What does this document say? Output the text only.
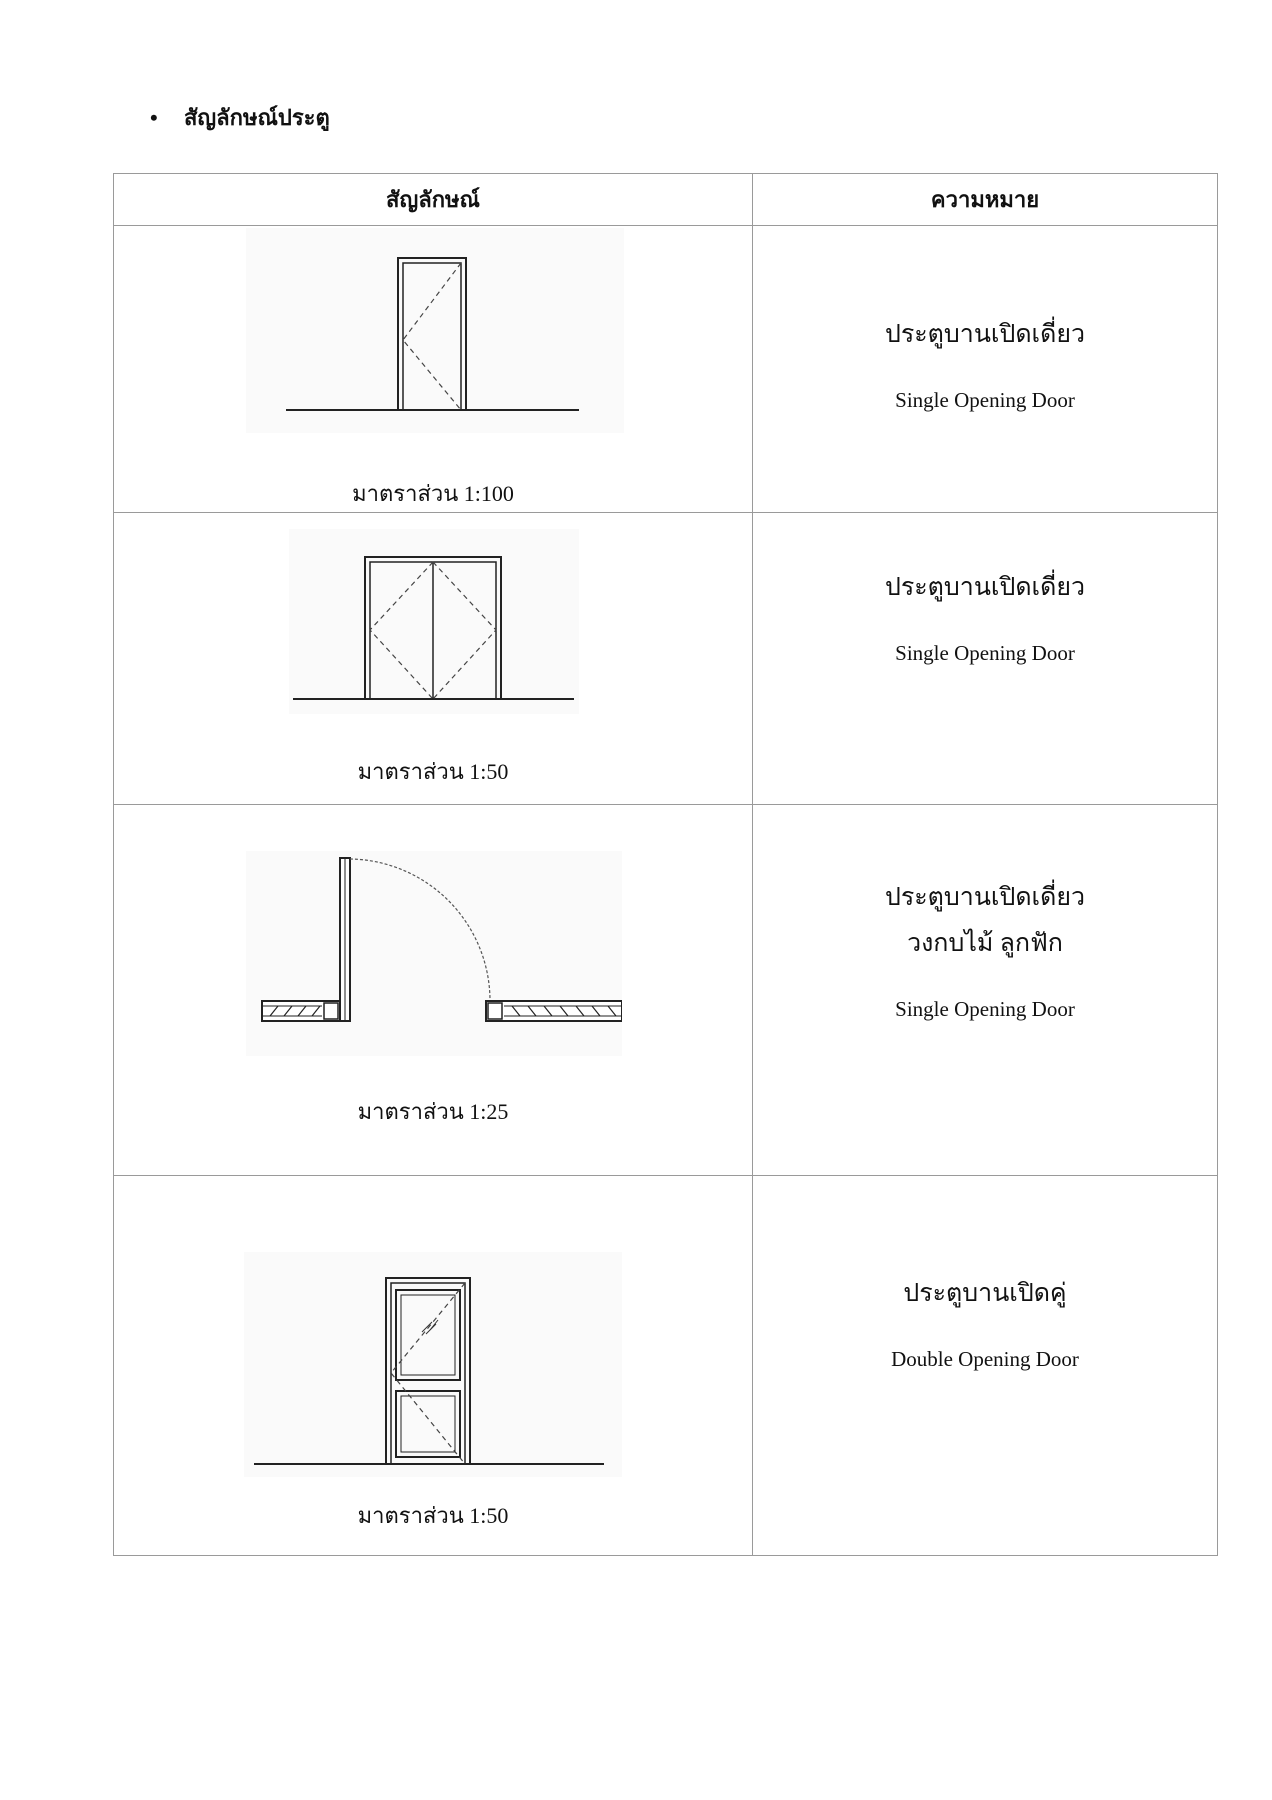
• สัญลักษณ์ประตู
สัญลักษณ์	ความหมาย

มาตราส่วน 1:100	ประตูบานเปิดเดี่ยว
Single Opening Door

มาตราส่วน 1:50	ประตูบานเปิดเดี่ยว
Single Opening Door

มาตราส่วน 1:25	ประตูบานเปิดเดี่ยว
วงกบไม้ ลูกฟัก
Single Opening Door

มาตราส่วน 1:50	ประตูบานเปิดคู่
Double Opening Door
